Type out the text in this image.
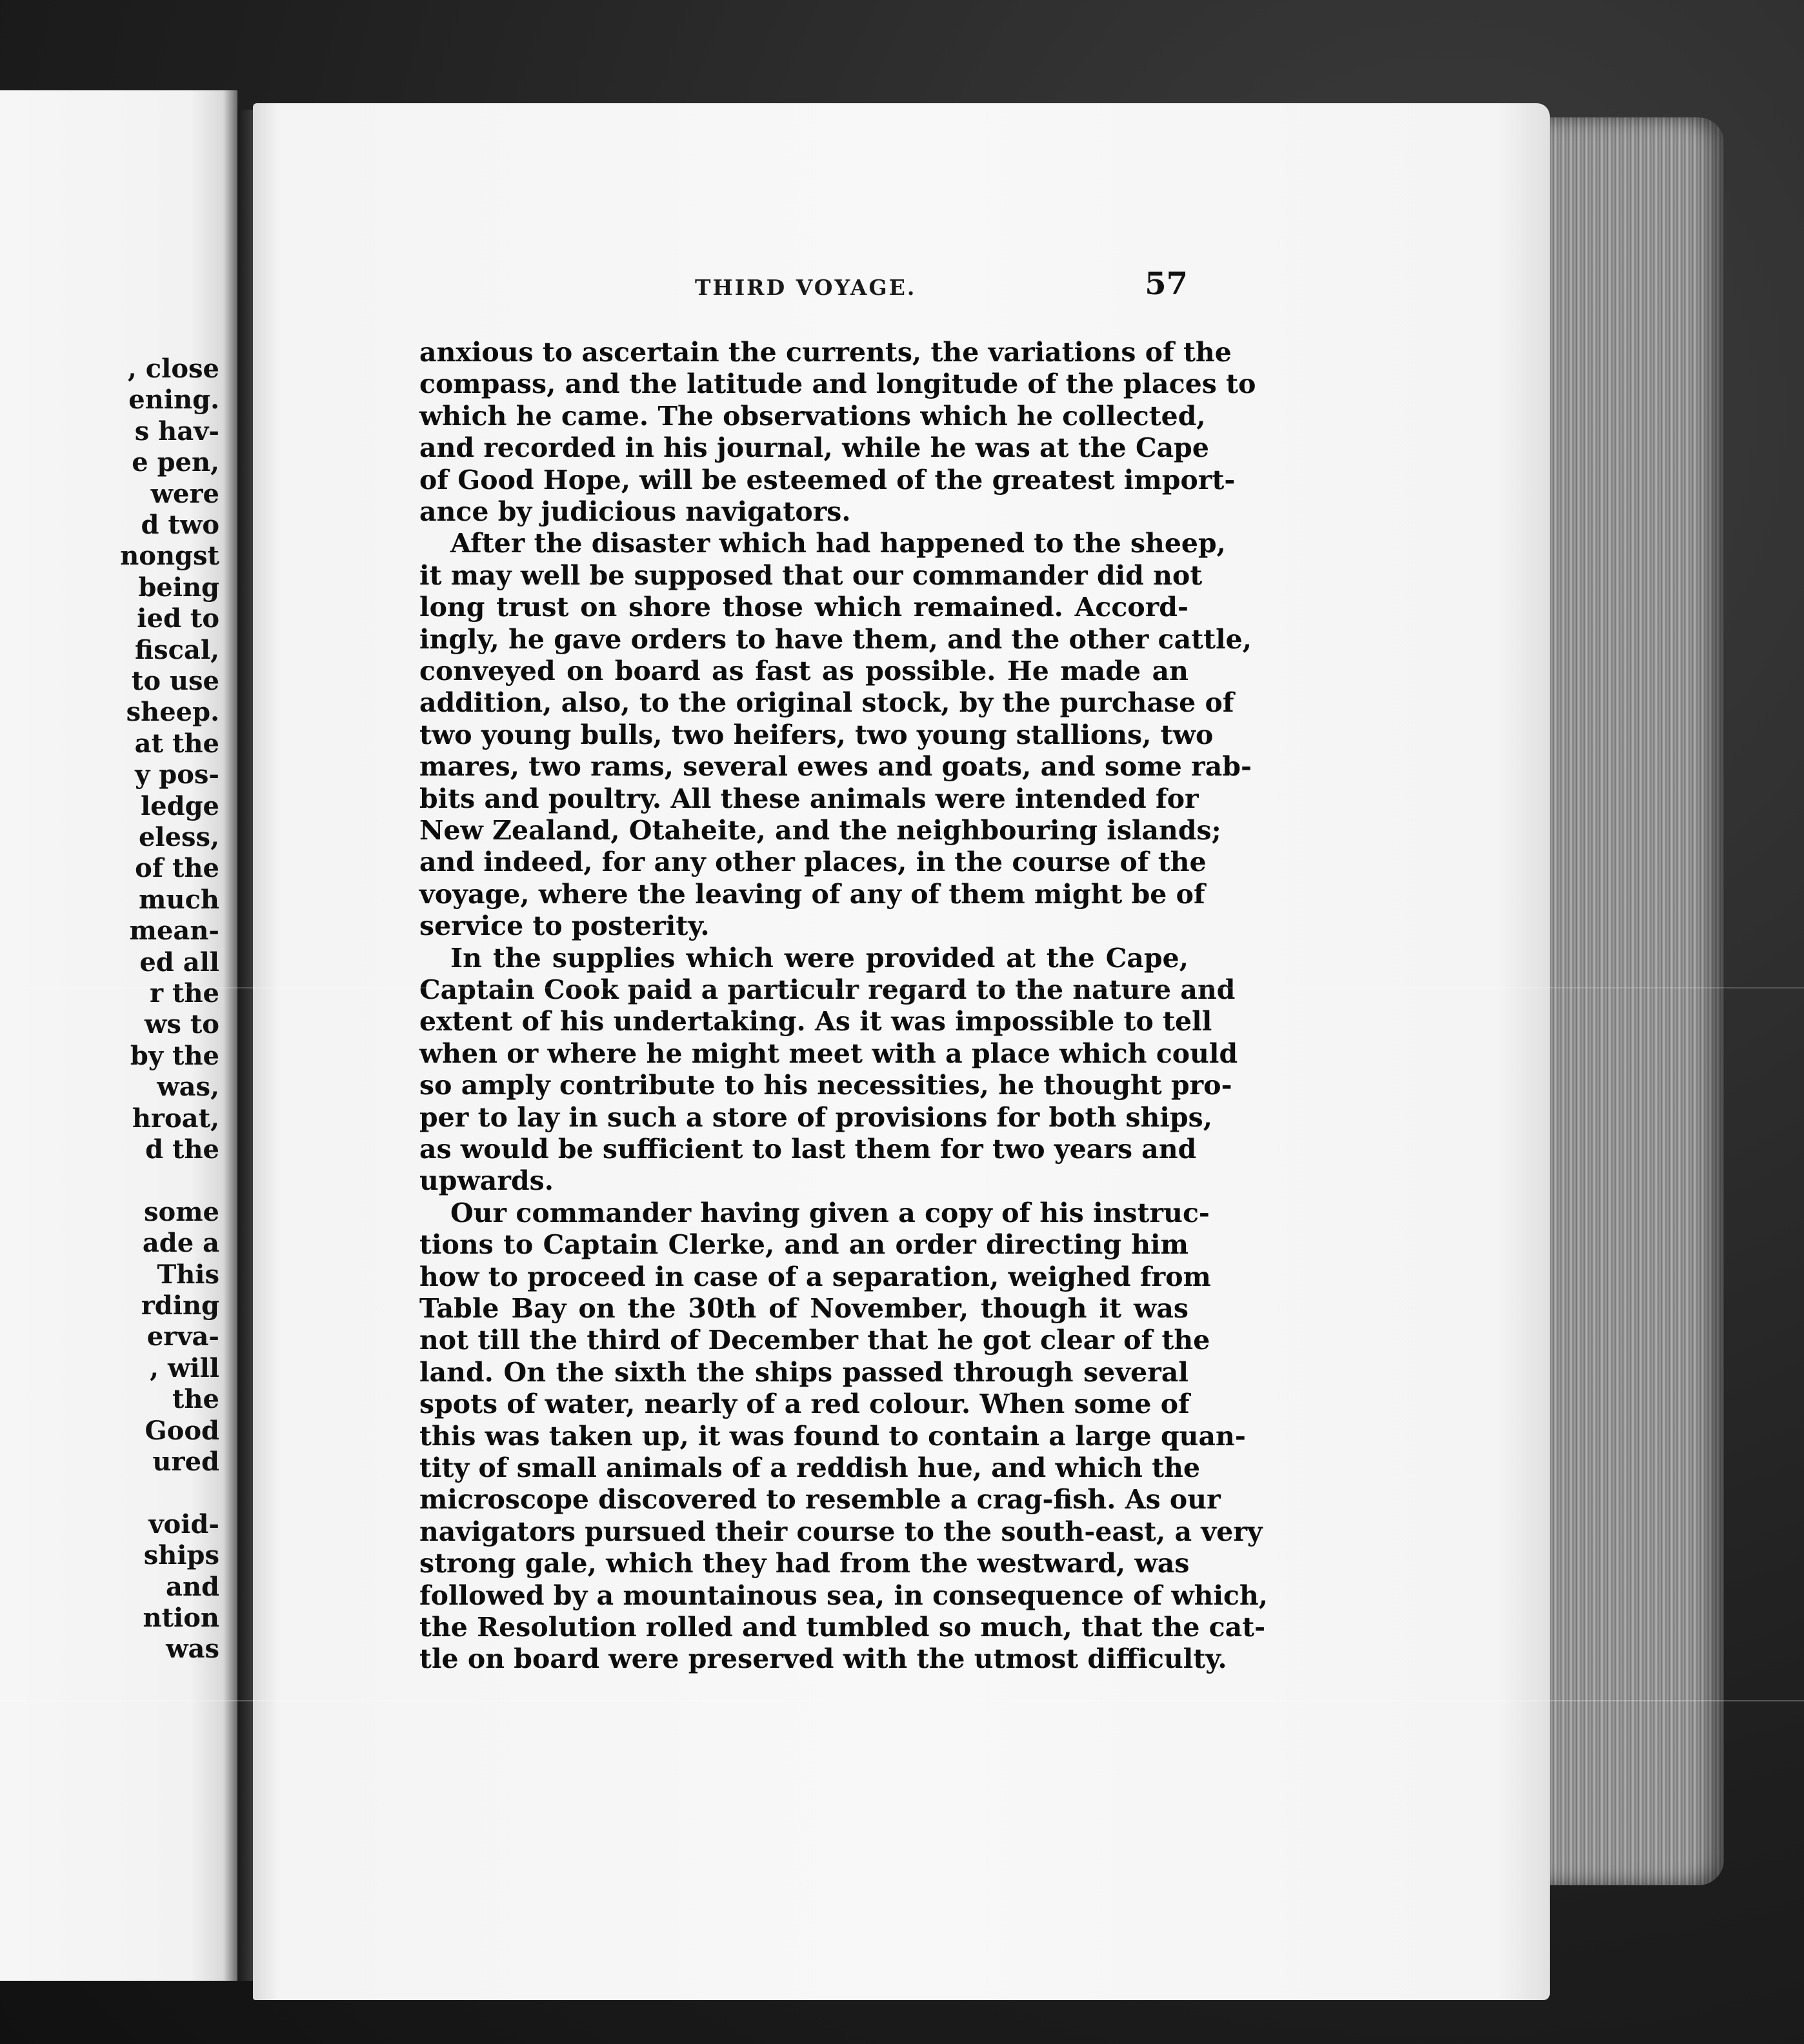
, close
ening.
s hav-
e pen,
were
d two
nongst
being
ied to
fiscal,
to use
sheep.
at the
y pos-
ledge
eless,
of the
much
mean-
ed all
r the
ws to
by the
was,
hroat,
d the
some
ade a
This
rding
erva-
, will
the
Good
ured
void-
ships
and
ntion
was
THIRD VOYAGE.	57
anxious to ascertain the currents, the variations of the
compass, and the latitude and longitude of the places to
which he came. The observations which he collected,
and recorded in his journal, while he was at the Cape
of Good Hope, will be esteemed of the greatest import-
ance by judicious navigators.
After the disaster which had happened to the sheep,
it may well be supposed that our commander did not
long trust on shore those which remained. Accord-
ingly, he gave orders to have them, and the other cattle,
conveyed on board as fast as possible. He made an
addition, also, to the original stock, by the purchase of
two young bulls, two heifers, two young stallions, two
mares, two rams, several ewes and goats, and some rab-
bits and poultry. All these animals were intended for
New Zealand, Otaheite, and the neighbouring islands;
and indeed, for any other places, in the course of the
voyage, where the leaving of any of them might be of
service to posterity.
In the supplies which were provided at the Cape,
Captain Cook paid a particulr regard to the nature and
extent of his undertaking. As it was impossible to tell
when or where he might meet with a place which could
so amply contribute to his necessities, he thought pro-
per to lay in such a store of provisions for both ships,
as would be sufficient to last them for two years and
upwards.
Our commander having given a copy of his instruc-
tions to Captain Clerke, and an order directing him
how to proceed in case of a separation, weighed from
Table Bay on the 30th of November, though it was
not till the third of December that he got clear of the
land. On the sixth the ships passed through several
spots of water, nearly of a red colour. When some of
this was taken up, it was found to contain a large quan-
tity of small animals of a reddish hue, and which the
microscope discovered to resemble a crag-fish. As our
navigators pursued their course to the south-east, a very
strong gale, which they had from the westward, was
followed by a mountainous sea, in consequence of which,
the Resolution rolled and tumbled so much, that the cat-
tle on board were preserved with the utmost difficulty.
